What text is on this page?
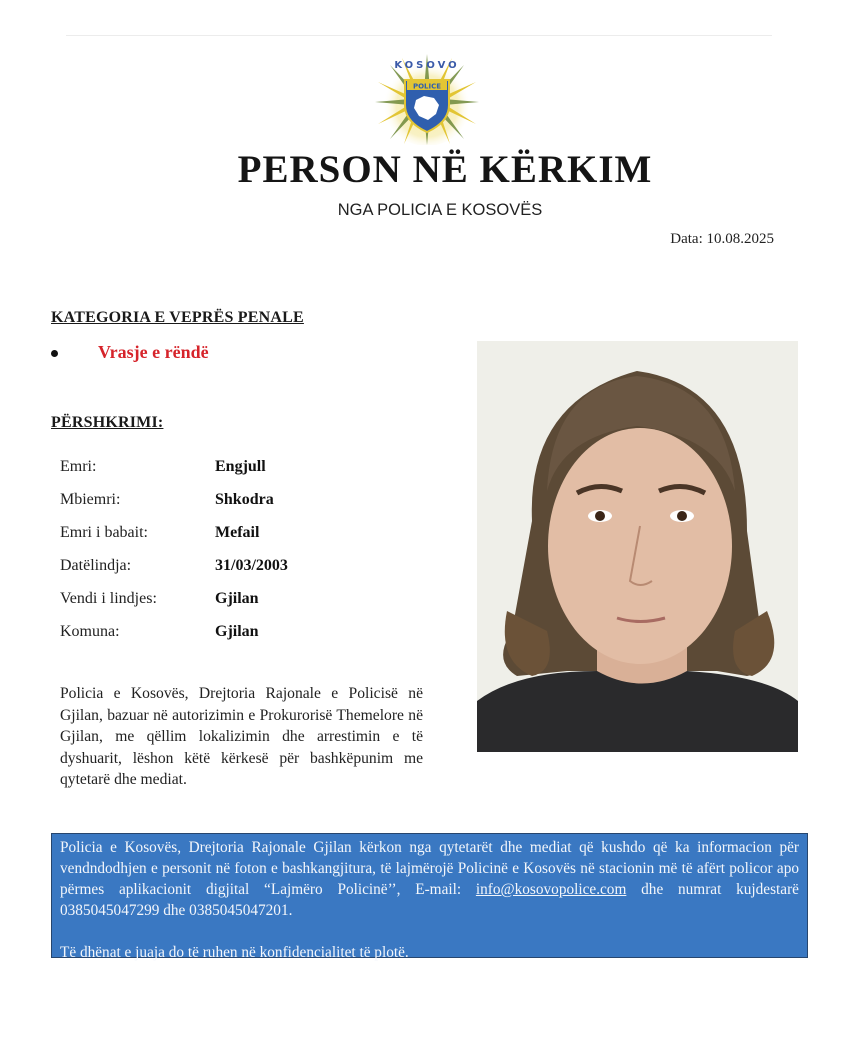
KOSOVO
POLICE
PERSON NË KËRKIM
NGA POLICIA E KOSOVËS
Data: 10.08.2025
KATEGORIA E VEPRËS PENALE
Vrasje e rëndë
PËRSHKRIMI:
Emri:	Engjull
Mbiemri:	Shkodra
Emri i babait:	Mefail
Datëlindja:	31/03/2003
Vendi i lindjes:	Gjilan
Komuna:	Gjilan

Policia e Kosovës, Drejtoria Rajonale e Policisë në Gjilan, bazuar në autorizimin e Prokurorisë Themelore në Gjilan, me qëllim lokalizimin dhe arrestimin e të dyshuarit, lëshon këtë kërkesë për bashkëpunim me qytetarë dhe mediat.

Policia e Kosovës, Drejtoria Rajonale Gjilan kërkon nga qytetarët dhe mediat që kushdo që ka informacion për vendndodhjen e personit në foton e bashkangjitura, të lajmërojë Policinë e Kosovës në stacionin më të afërt policor apo përmes aplikacionit digjital “Lajmëro Policinë’’, E-mail: info@kosovopolice.com dhe numrat kujdestarë 0385045047299 dhe 0385045047201.

Të dhënat e juaja do të ruhen në konfidencialitet të plotë.
